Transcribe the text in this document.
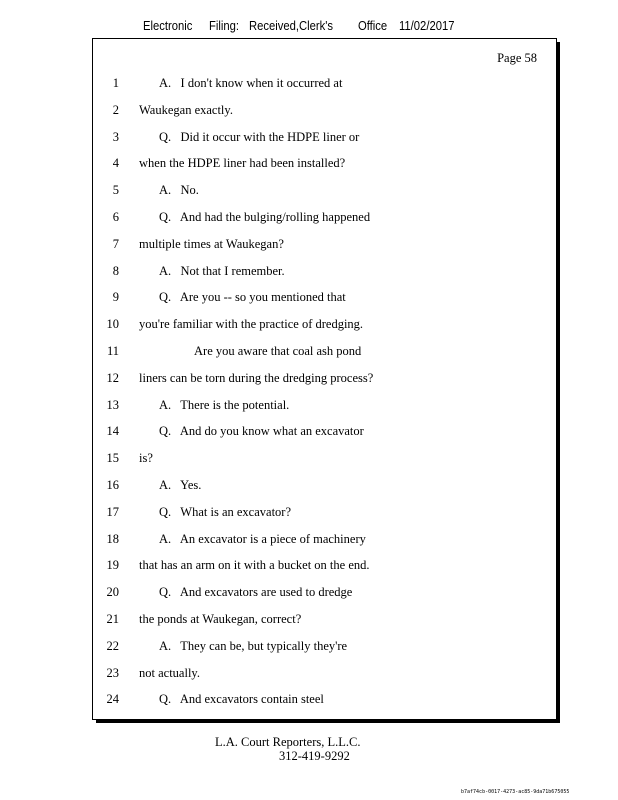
Electronic Filing: Received,Clerk's Office 11/02/2017
Page 58
1	A.   I don't know when it occurred at
2 Waukegan exactly.
3	Q.   Did it occur with the HDPE liner or
4 when the HDPE liner had been installed?
5	A.   No.
6	Q.   And had the bulging/rolling happened
7 multiple times at Waukegan?
8	A.   Not that I remember.
9	Q.   Are you -- so you mentioned that
10 you're familiar with the practice of dredging.
11	Are you aware that coal ash pond
12 liners can be torn during the dredging process?
13	A.   There is the potential.
14	Q.   And do you know what an excavator
15 is?
16	A.   Yes.
17	Q.   What is an excavator?
18	A.   An excavator is a piece of machinery
19 that has an arm on it with a bucket on the end.
20	Q.   And excavators are used to dredge
21 the ponds at Waukegan, correct?
22	A.   They can be, but typically they're
23 not actually.
24	Q.   And excavators contain steel
L.A. Court Reporters, L.L.C.
312-419-9292
b7af74cb-0017-4273-ac85-9da71b675055
